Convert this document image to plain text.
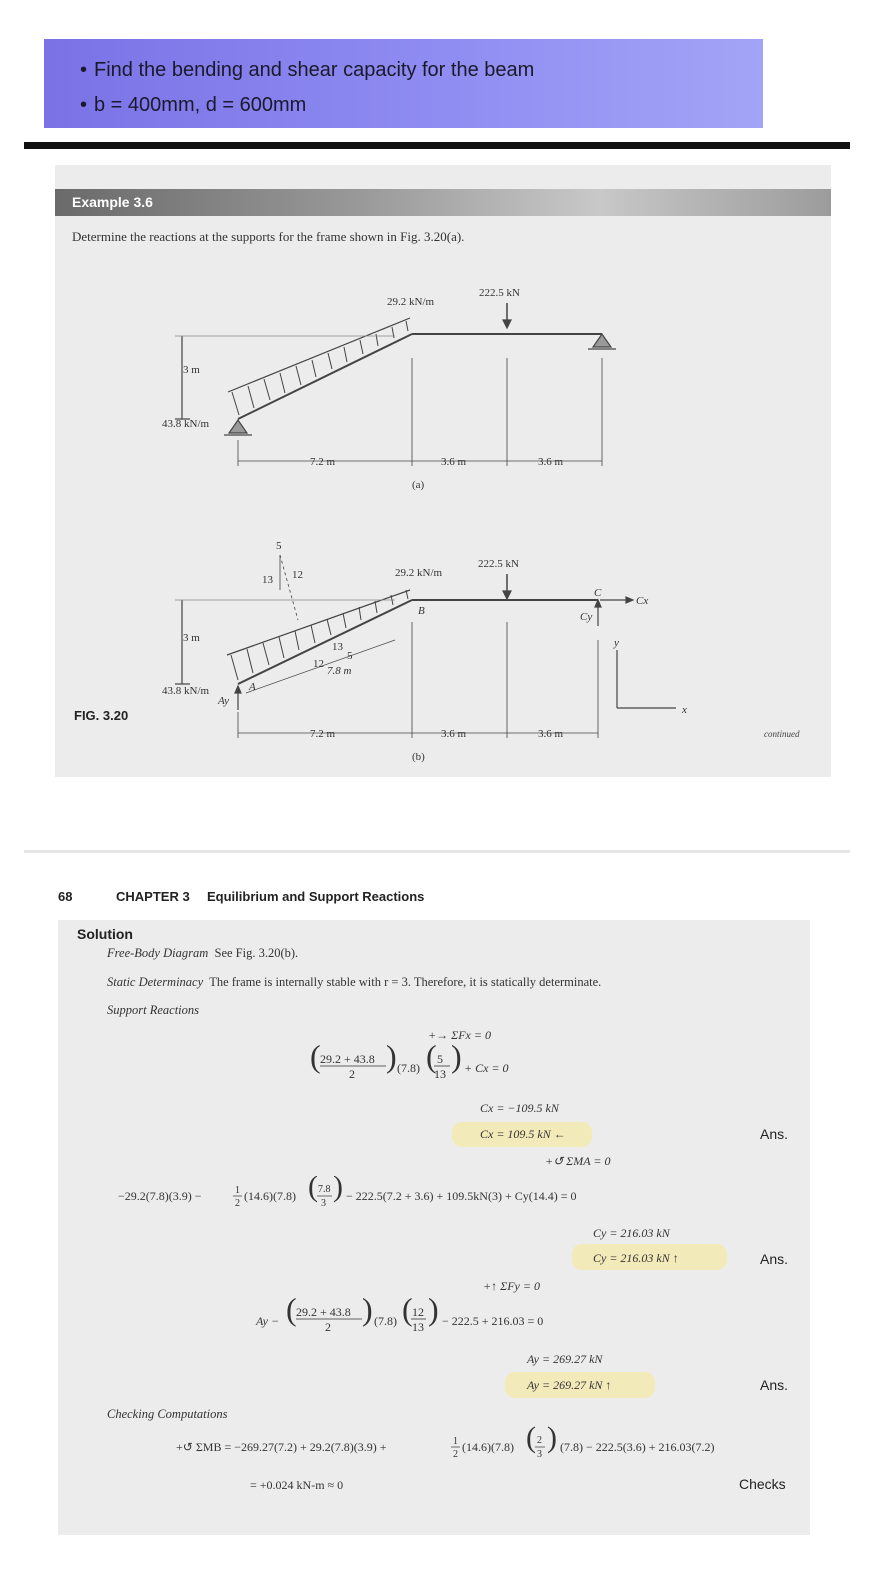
• Find the bending and shear capacity for the beam
• b = 400mm, d = 600mm
Example 3.6
Determine the reactions at the supports for the frame shown in Fig. 3.20(a).
29.2 kN/m
222.5 kN
3 m
43.8 kN/m
7.2 m	3.6 m	3.6 m
(a)
5
13 12	29.2 kN/m
222.5 kN
B
C
Cx
Cy
y
x
3 m
13
5
12
7.8 m
43.8 kN/m	A
Ay
7.2 m	3.6 m	3.6 m
(b)
FIG. 3.20
continued
68	CHAPTER 3 Equilibrium and Support Reactions
Solution
Free-Body Diagram See Fig. 3.20(b).
Static Determinacy The frame is internally stable with r = 3. Therefore, it is statically determinate.
Support Reactions
+→ ΣFx = 0
( 29.2 + 43.8
2 ) (7.8) ( 5
13 ) + Cx = 0
Cx = −109.5 kN
Cx = 109.5 kN ←	Ans.
+↺ ΣMA = 0
−29.2(7.8)(3.9) −	1
2
(14.6)(7.8) ( 7.8
3
) − 222.5(7.2 + 3.6) + 109.5kN(3) + Cy(14.4) = 0
Cy = 216.03 kN
Cy = 216.03 kN ↑	Ans.
+↑ ΣFy = 0
Ay − ( 29.2 + 43.8
2 ) (7.8) ( 12
13 ) − 222.5 + 216.03 = 0
Ay = 269.27 kN
Ay = 269.27 kN ↑	Ans.
Checking Computations
+↺ ΣMB = −269.27(7.2) + 29.2(7.8)(3.9) +	1
2
(14.6)(7.8) ( 2
3
) (7.8) − 222.5(3.6) + 216.03(7.2)
= +0.024 kN-m ≈ 0	Checks
